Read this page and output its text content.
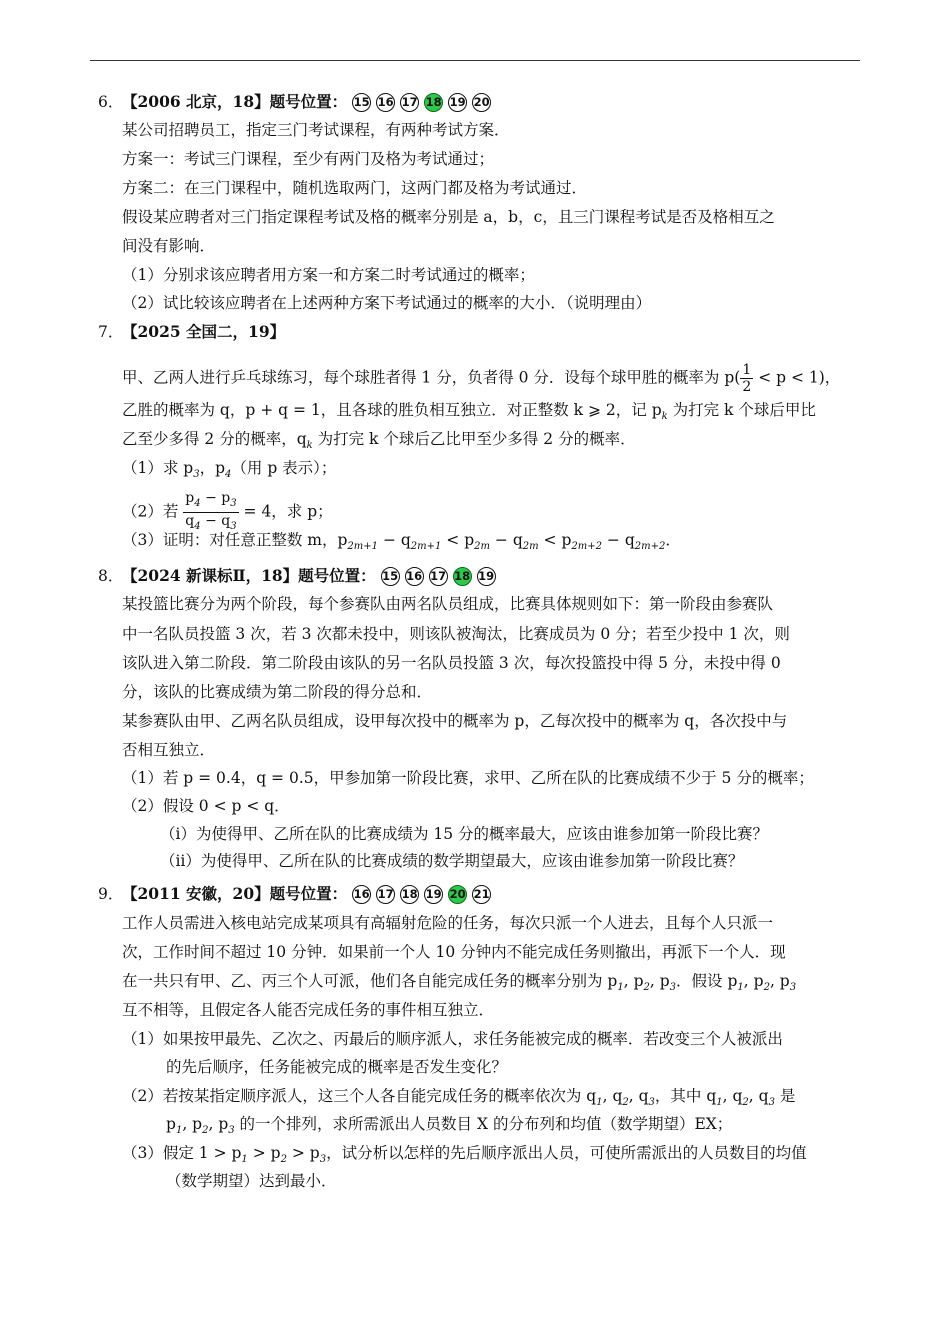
6．
【2006 北京，18】题号位置： 15 16 17 18 19 20
某公司招聘员工，指定三门考试课程，有两种考试方案．
方案一：考试三门课程，至少有两门及格为考试通过；
方案二：在三门课程中，随机选取两门，这两门都及格为考试通过．
假设某应聘者对三门指定课程考试及格的概率分别是 a，b，c，且三门课程考试是否及格相互之
间没有影响．
（1）分别求该应聘者用方案一和方案二时考试通过的概率；
（2）试比较该应聘者在上述两种方案下考试通过的概率的大小．（说明理由）
7．
【2025 全国二，19】
甲、乙两人进行乒乓球练习，每个球胜者得 1 分，负者得 0 分．设每个球甲胜的概率为 $p( \frac{1}{2} < p < 1)$，
乙胜的概率为 q，p + q = 1，且各球的胜负相互独立．对正整数 k ⩾ 2，记 $p_k$ 为打完 k 个球后甲比
乙至少多得 2 分的概率，$q_k$ 为打完 k 个球后乙比甲至少多得 2 分的概率．
（1）求 $p_3$，$p_4$（用 p 表示）；
（2）若 $\frac{p_4 - p_3}{q_4 - q_3} = 4$，求 p；
（3）证明：对任意正整数 m，$p_{2m+1} - q_{2m+1} < p_{2m} - q_{2m} < p_{2m+2} - q_{2m+2}$．
8．
【2024 新课标Ⅱ，18】题号位置： 15 16 17 18 19
某投篮比赛分为两个阶段，每个参赛队由两名队员组成，比赛具体规则如下：第一阶段由参赛队
中一名队员投篮 3 次，若 3 次都未投中，则该队被淘汰，比赛成员为 0 分；若至少投中 1 次，则
该队进入第二阶段．第二阶段由该队的另一名队员投篮 3 次，每次投篮投中得 5 分，未投中得 0
分，该队的比赛成绩为第二阶段的得分总和．
某参赛队由甲、乙两名队员组成，设甲每次投中的概率为 p，乙每次投中的概率为 q，各次投中与
否相互独立．
（1）若 p = 0.4，q = 0.5，甲参加第一阶段比赛，求甲、乙所在队的比赛成绩不少于 5 分的概率；
（2）假设 0 < p < q．
（ⅰ）为使得甲、乙所在队的比赛成绩为 15 分的概率最大，应该由谁参加第一阶段比赛？
（ⅱ）为使得甲、乙所在队的比赛成绩的数学期望最大，应该由谁参加第一阶段比赛？
9．
【2011 安徽，20】题号位置： 16 17 18 19 20 21
工作人员需进入核电站完成某项具有高辐射危险的任务，每次只派一个人进去，且每个人只派一
次，工作时间不超过 10 分钟．如果前一个人 10 分钟内不能完成任务则撤出，再派下一个人．现
在一共只有甲、乙、丙三个人可派，他们各自能完成任务的概率分别为 $p_1$, $p_2$, $p_3$．假设 $p_1$, $p_2$, $p_3$
互不相等，且假定各人能否完成任务的事件相互独立．
（1）如果按甲最先、乙次之、丙最后的顺序派人，求任务能被完成的概率．若改变三个人被派出
的先后顺序，任务能被完成的概率是否发生变化？
（2）若按某指定顺序派人，这三个人各自能完成任务的概率依次为 $q_1$, $q_2$, $q_3$，其中 $q_1$, $q_2$, $q_3$ 是
$p_1$, $p_2$, $p_3$ 的一个排列，求所需派出人员数目 X 的分布列和均值（数学期望）EX；
（3）假定 $1 > p_1 > p_2 > p_3$，试分析以怎样的先后顺序派出人员，可使所需派出的人员数目的均值
（数学期望）达到最小．
